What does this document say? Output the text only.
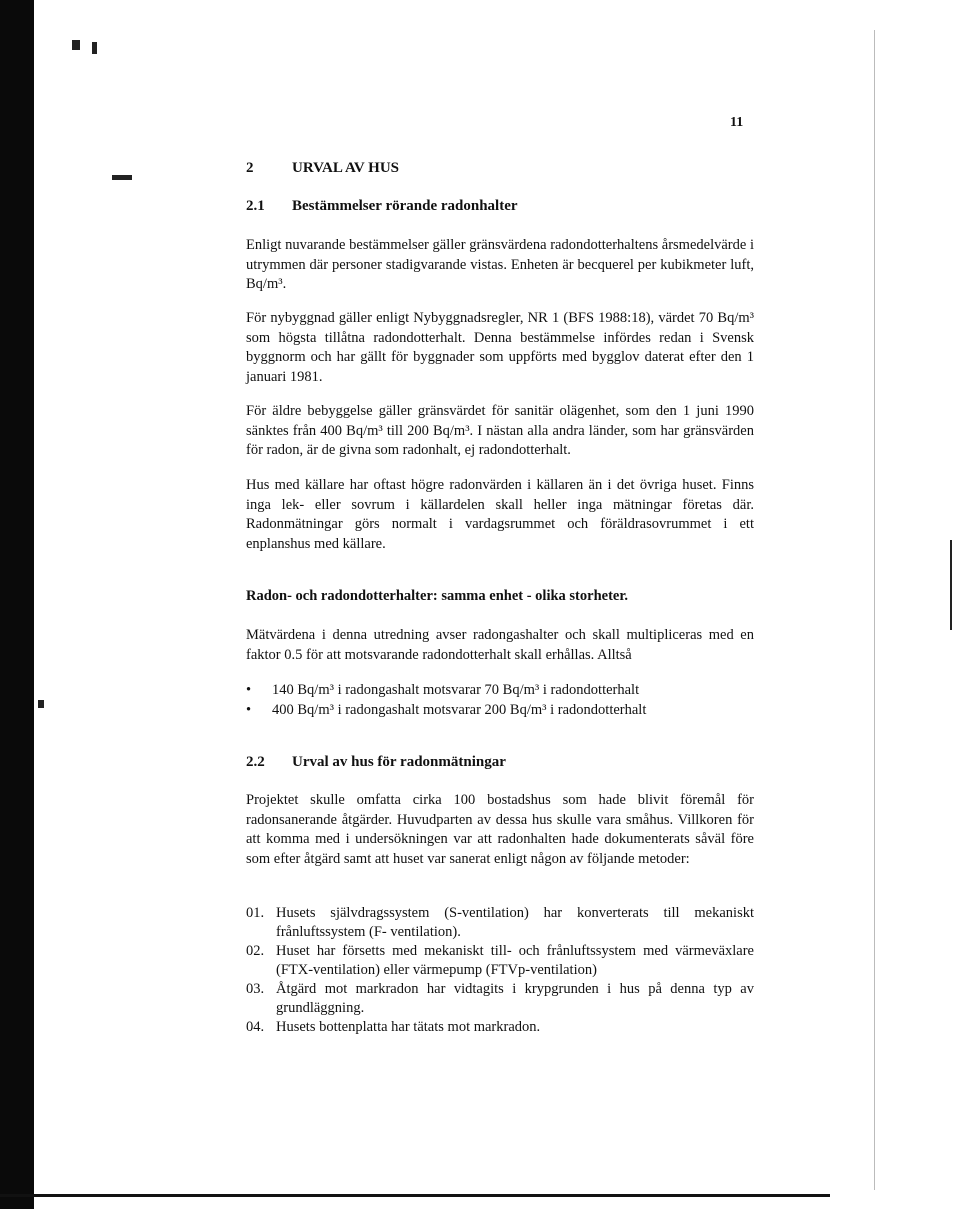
11
2	URVAL AV HUS
2.1 Bestämmelser rörande radonhalter
Enligt nuvarande bestämmelser gäller gränsvärdena radondotterhaltens årsmedelvärde i utrymmen där personer stadigvarande vistas. Enheten är becquerel per kubikmeter luft, Bq/m³.
För nybyggnad gäller enligt Nybyggnadsregler, NR 1 (BFS 1988:18), värdet 70 Bq/m³ som högsta tillåtna radondotterhalt. Denna bestämmelse infördes redan i Svensk byggnorm och har gällt för byggnader som uppförts med bygglov daterat efter den 1 januari 1981.
För äldre bebyggelse gäller gränsvärdet för sanitär olägenhet, som den 1 juni 1990 sänktes från 400 Bq/m³ till 200 Bq/m³. I nästan alla andra länder, som har gränsvärden för radon, är de givna som radonhalt, ej radondotterhalt.
Hus med källare har oftast högre radonvärden i källaren än i det övriga huset. Finns inga lek- eller sovrum i källardelen skall heller inga mätningar företas där. Radonmätningar görs normalt i vardagsrummet och föräldrasovrummet i ett enplanshus med källare.
Radon- och radondotterhalter: samma enhet - olika storheter.
Mätvärdena i denna utredning avser radongashalter och skall multipliceras med en faktor 0.5 för att motsvarande radondotterhalt skall erhållas. Alltså
• 140 Bq/m³ i radongashalt motsvarar 70 Bq/m³ i radondotterhalt
• 400 Bq/m³ i radongashalt motsvarar 200 Bq/m³ i radondotterhalt
2.2 Urval av hus för radonmätningar
Projektet skulle omfatta cirka 100 bostadshus som hade blivit föremål för radonsanerande åtgärder. Huvudparten av dessa hus skulle vara småhus. Villkoren för att komma med i undersökningen var att radonhalten hade dokumenterats såväl före som efter åtgärd samt att huset var sanerat enligt någon av följande metoder:
01. Husets självdragssystem (S-ventilation) har konverterats till mekaniskt frånluftssystem (F- ventilation).
02. Huset har försetts med mekaniskt till- och frånluftssystem med värmeväxlare (FTX-ventilation) eller värmepump (FTVp-ventilation)
03. Åtgärd mot markradon har vidtagits i krypgrunden i hus på denna typ av grundläggning.
04. Husets bottenplatta har tätats mot markradon.
